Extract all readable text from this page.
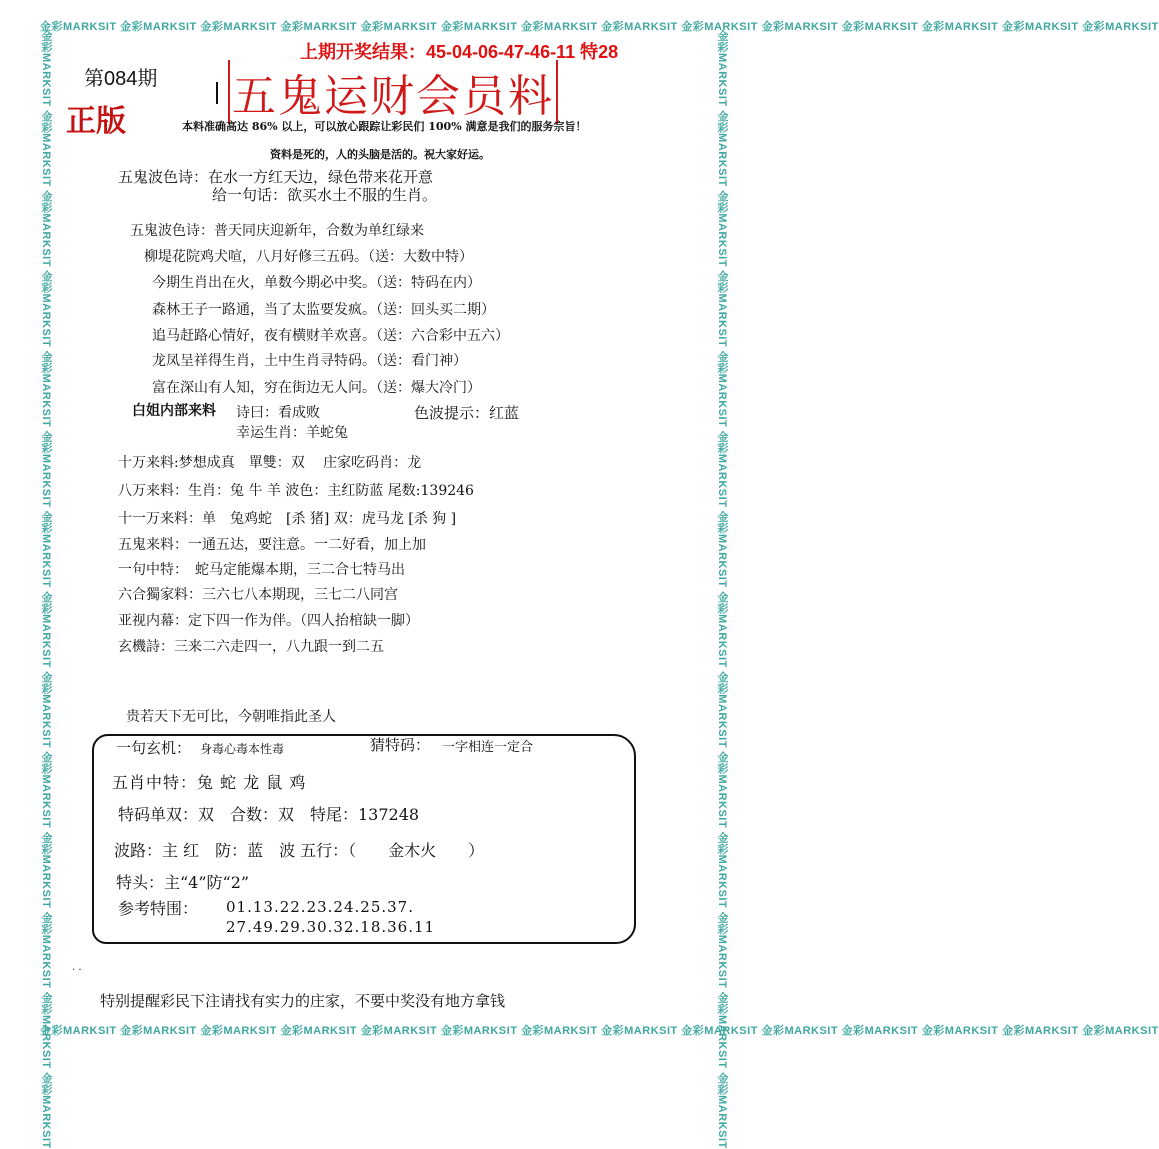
金彩MARKSIT 金彩MARKSIT 金彩MARKSIT 金彩MARKSIT 金彩MARKSIT 金彩MARKSIT 金彩MARKSIT 金彩MARKSIT 金彩MARKSIT 金彩MARKSIT 金彩MARKSIT 金彩MARKSIT 金彩MARKSIT 金彩MARKSIT
金彩MARKSIT 金彩MARKSIT 金彩MARKSIT 金彩MARKSIT 金彩MARKSIT 金彩MARKSIT 金彩MARKSIT 金彩MARKSIT 金彩MARKSIT 金彩MARKSIT 金彩MARKSIT 金彩MARKSIT 金彩MARKSIT 金彩MARKSIT
金彩MARKSIT 金彩MARKSIT 金彩MARKSIT 金彩MARKSIT 金彩MARKSIT 金彩MARKSIT 金彩MARKSIT 金彩MARKSIT 金彩MARKSIT 金彩MARKSIT 金彩MARKSIT 金彩MARKSIT 金彩MARKSIT 金彩MARKSIT	金彩MARKSIT 金彩MARKSIT 金彩MARKSIT 金彩MARKSIT 金彩MARKSIT 金彩MARKSIT 金彩MARKSIT 金彩MARKSIT 金彩MARKSIT 金彩MARKSIT 金彩MARKSIT 金彩MARKSIT 金彩MARKSIT 金彩MARKSIT
第084期
正版 五鬼运财会员料
上期开奖结果：45-04-06-47-46-11 特28
本料准确高达 86% 以上，可以放心跟踪让彩民们 100% 满意是我们的服务宗旨！
资料是死的，人的头脑是活的。祝大家好运。
五鬼波色诗：在水一方红天边，绿色带来花开意
给一句话：欲买水土不服的生肖。
五鬼波色诗：普天同庆迎新年，合数为单红绿来
柳堤花院鸡犬喧，八月好修三五码。（送：大数中特）
今期生肖出在火，单数今期必中奖。（送：特码在内）
森林王子一路通，当了太监要发疯。（送：回头买二期）
追马赶路心情好，夜有横财羊欢喜。（送：六合彩中五六）
龙凤呈祥得生肖，土中生肖寻特码。（送：看门神）
富在深山有人知，穷在街边无人问。（送：爆大冷门）
白姐内部来料 诗曰：看成败	色波提示：红蓝
幸运生肖：羊蛇兔
十万来料:梦想成真　單雙：双　 庄家吃码肖：龙
八万来料：生肖：兔 牛 羊 波色：主红防蓝 尾数:139246
十一万来料：单　兔鸡蛇　[杀 猪] 双：虎马龙 [杀 狗 ]
五鬼来料：一通五达，要注意。一二好看，加上加
一句中特：　蛇马定能爆本期，三二合七特马出
六合獨家料：三六七八本期现，三七二八同宫
亚视内幕：定下四一作为伴。（四人抬棺缺一脚）
玄機詩：三来二六走四一，八九跟一到二五
贵若天下无可比，今朝唯指此圣人
一句玄机： 身毒心毒本性毒	猜特码： 一字相连一定合
五肖中特：兔 蛇 龙 鼠 鸡
特码单双：双　合数：双　特尾：137248
波路：主 红　防：蓝　波 五行：（　　金木火　　）
特头：主“4”防“2”
参考特围： 01.13.22.23.24.25.37.
27.49.29.30.32.18.36.11
. .
特别提醒彩民下注请找有实力的庄家，不要中奖没有地方拿钱
